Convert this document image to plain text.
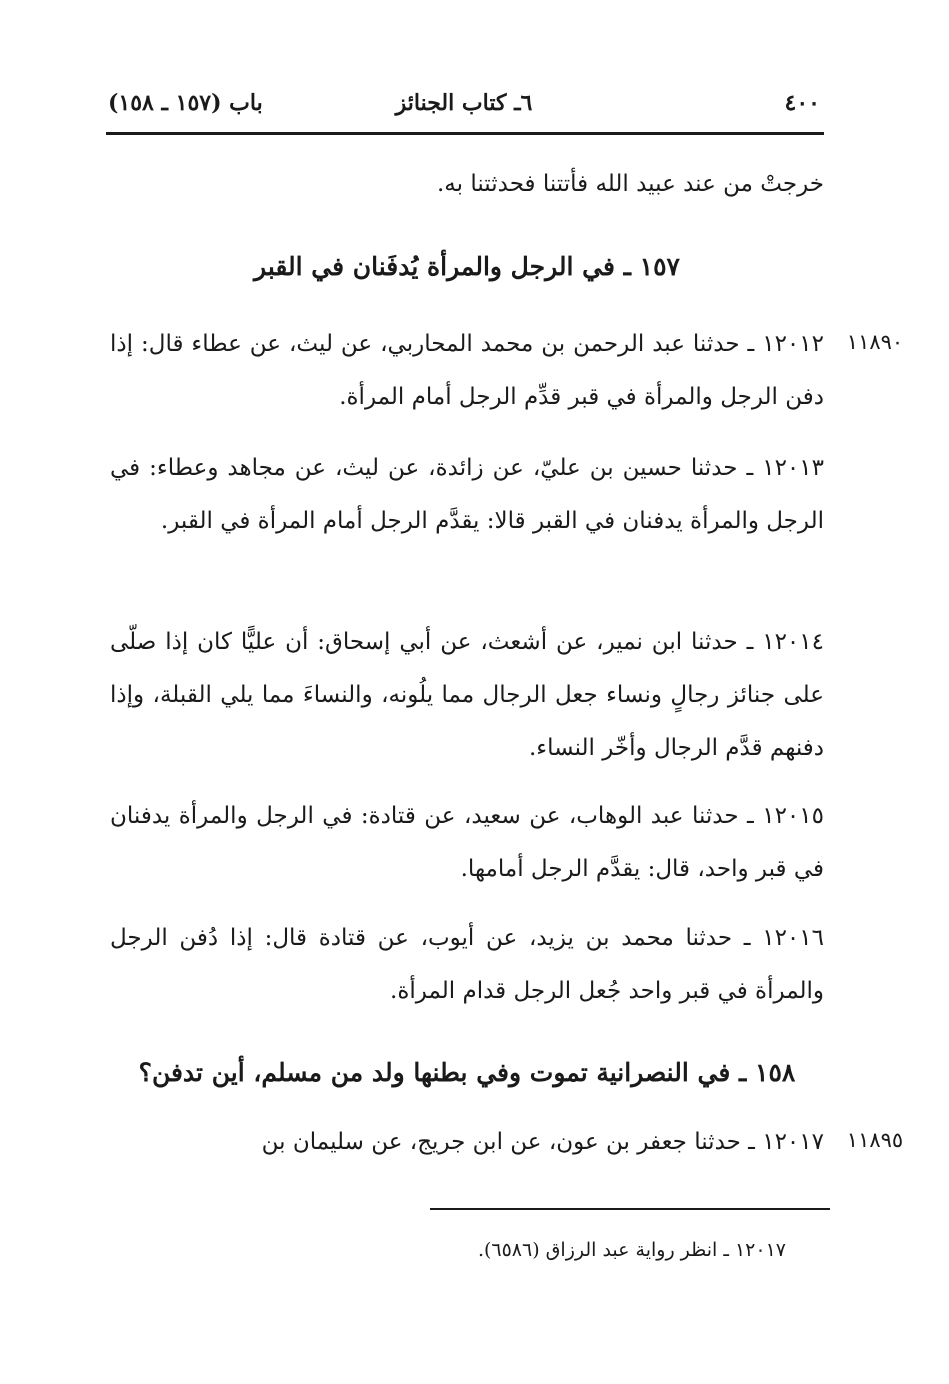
٤٠٠
٦ـ كتاب الجنائز
باب (١٥٧ ـ ١٥٨)
خرجتْ من عند عبيد الله فأتتنا فحدثتنا به.
١٥٧ ـ في الرجل والمرأة يُدفَنان في القبر
١١٨٩٠
١٢٠١٢ ـ حدثنا عبد الرحمن بن محمد المحاربي، عن ليث، عن عطاء قال: إذا دفن الرجل والمرأة في قبر قدِّم الرجل أمام المرأة.
١٢٠١٣ ـ حدثنا حسين بن عليّ، عن زائدة، عن ليث، عن مجاهد وعطاء: في الرجل والمرأة يدفنان في القبر قالا: يقدَّم الرجل أمام المرأة في القبر.
١٢٠١٤ ـ حدثنا ابن نمير، عن أشعث، عن أبي إسحاق: أن عليًّا كان إذا صلّى على جنائز رجالٍ ونساء جعل الرجال مما يلُونه، والنساءَ مما يلي القبلة، وإذا دفنهم قدَّم الرجال وأخّر النساء.
١٢٠١٥ ـ حدثنا عبد الوهاب، عن سعيد، عن قتادة: في الرجل والمرأة يدفنان في قبر واحد، قال: يقدَّم الرجل أمامها.
١٢٠١٦ ـ حدثنا محمد بن يزيد، عن أيوب، عن قتادة قال: إذا دُفن الرجل والمرأة في قبر واحد جُعل الرجل قدام المرأة.
١٥٨ ـ في النصرانية تموت وفي بطنها ولد من مسلم، أين تدفن؟
١١٨٩٥
١٢٠١٧ ـ حدثنا جعفر بن عون، عن ابن جريج، عن سليمان بن
١٢٠١٧ ـ انظر رواية عبد الرزاق (٦٥٨٦).
